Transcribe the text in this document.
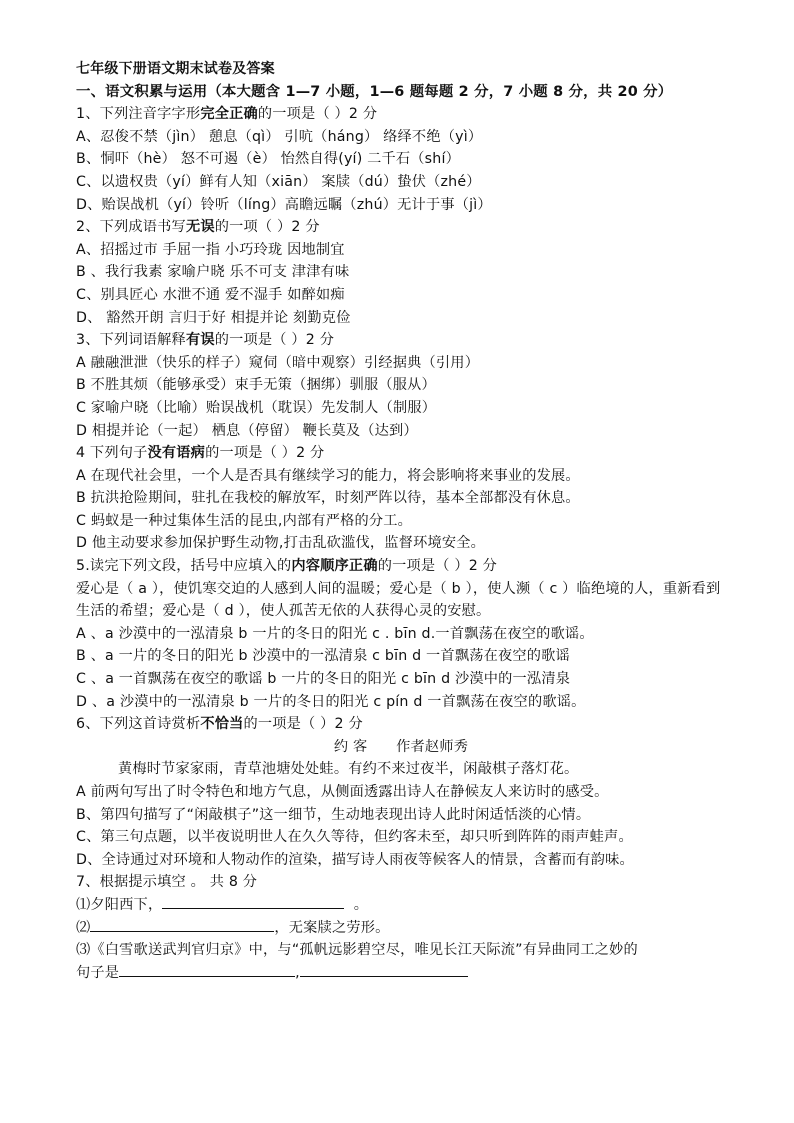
七年级下册语文期末试卷及答案
一、语文积累与运用（本大题含 1—7 小题，1—6 题每题 2 分，7 小题 8 分，共 20 分）
1、下列注音字字形完全正确的一项是（ ）2 分
A、忍俊不禁（jìn） 憩息（qì） 引吭（háng） 络绎不绝（yì）
B、恫吓（hè） 怒不可遏（è） 怡然自得(yí) 二千石（shí）
C、以遗权贵（yí）鲜有人知（xiān） 案牍（dú）蛰伏（zhé）
D、贻误战机（yí）铃听（líng）高瞻远瞩（zhú）无计于事（jì）
2、下列成语书写无误的一项（ ）2 分
A、招摇过市 手屈一指 小巧玲珑 因地制宜
B 、我行我素 家喻户晓 乐不可支 津津有味
C、别具匠心 水泄不通 爱不湿手 如醉如痴
D、 豁然开朗 言归于好 相提并论 刻勤克俭
3、下列词语解释有误的一项是（ ）2 分
A 融融泄泄（快乐的样子）窥伺（暗中观察）引经据典（引用）
B 不胜其烦（能够承受）束手无策（捆绑）驯服（服从）
C 家喻户晓（比喻）贻误战机（耽误）先发制人（制服）
D 相提并论（一起） 栖息（停留） 鞭长莫及（达到）
4 下列句子没有语病的一项是（ ）2 分
A 在现代社会里，一个人是否具有继续学习的能力，将会影响将来事业的发展。
B 抗洪抢险期间，驻扎在我校的解放军，时刻严阵以待，基本全部都没有休息。
C 蚂蚁是一种过集体生活的昆虫,内部有严格的分工。
D 他主动要求参加保护野生动物,打击乱砍滥伐，监督环境安全。
5.读完下列文段，括号中应填入的内容顺序正确的一项是（ ）2 分
爱心是（ a ），使饥寒交迫的人感到人间的温暖；爱心是（ b ），使人濒（ c ）临绝境的人，重新看到生活的希望；爱心是（ d ），使人孤苦无依的人获得心灵的安慰。
A 、a 沙漠中的一泓清泉 b 一片的冬日的阳光 c . bīn d.一首飘荡在夜空的歌谣。
B 、a 一片的冬日的阳光 b 沙漠中的一泓清泉 c bīn d 一首飘荡在夜空的歌谣
C 、a 一首飘荡在夜空的歌谣 b 一片的冬日的阳光 c bīn d 沙漠中的一泓清泉
D 、a 沙漠中的一泓清泉 b 一片的冬日的阳光 c pín d 一首飘荡在夜空的歌谣。
6、下列这首诗赏析不恰当的一项是（ ）2 分
约 客　　作者赵师秀
黄梅时节家家雨，青草池塘处处蛙。有约不来过夜半，闲敲棋子落灯花。
A 前两句写出了时令特色和地方气息，从侧面透露出诗人在静候友人来访时的感受。
B、第四句描写了“闲敲棋子”这一细节，生动地表现出诗人此时闲适恬淡的心情。
C、第三句点题，以半夜说明世人在久久等待，但约客未至，却只听到阵阵的雨声蛙声。
D、全诗通过对环境和人物动作的渲染，描写诗人雨夜等候客人的情景，含蓄而有韵味。
7、根据提示填空 。 共 8 分
⑴夕阳西下，	。
⑵	，无案牍之劳形。
⑶《白雪歌送武判官归京》中，与“孤帆远影碧空尽，唯见长江天际流”有异曲同工之妙的
句子是	,
